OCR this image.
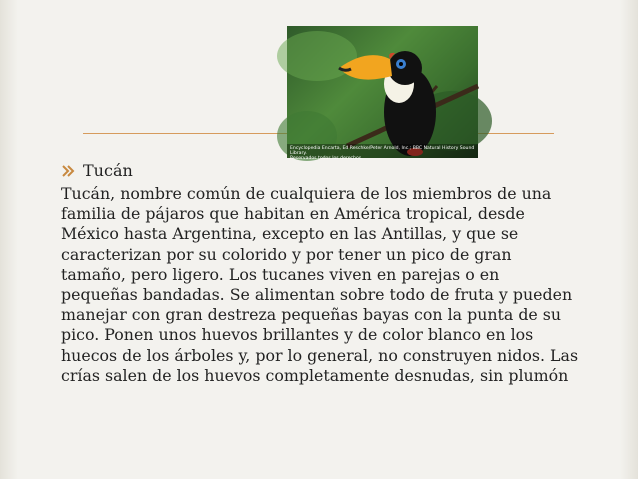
Encyclopedia Encarta, Ed Reschke/Peter Arnold, Inc.; BBC Natural History Sound Library.
Reservados todos los derechos.
Tucán

Tucán, nombre común de cualquiera de los miembros de una familia de pájaros que habitan en América tropical, desde México hasta Argentina, excepto en las Antillas, y que se caracterizan por su colorido y por tener un pico de gran tamaño, pero ligero. Los tucanes viven en parejas o en pequeñas bandadas. Se alimentan sobre todo de fruta y pueden manejar con gran destreza pequeñas bayas con la punta de su pico. Ponen unos huevos brillantes y de color blanco en los huecos de los árboles y, por lo general, no construyen nidos. Las crías salen de los huevos completamente desnudas, sin plumón
